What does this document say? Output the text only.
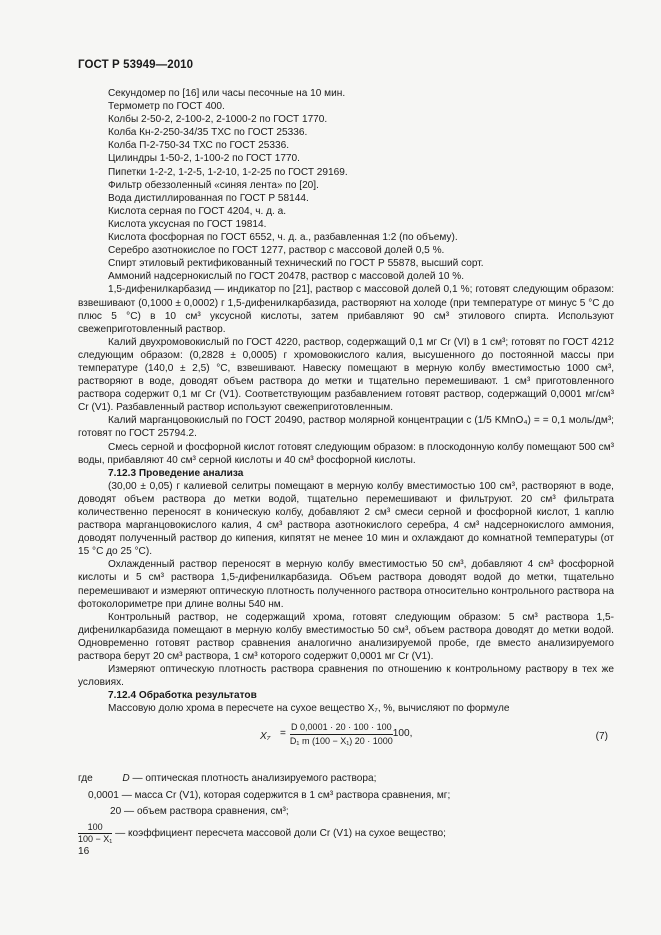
ГОСТ Р 53949—2010

Секундомер по [16] или часы песочные на 10 мин.

Термометр по ГОСТ 400.

Колбы 2-50-2, 2-100-2, 2-1000-2 по ГОСТ 1770.

Колба Кн-2-250-34/35 ТХС по ГОСТ 25336.

Колба П-2-750-34 ТХС по ГОСТ 25336.

Цилиндры 1-50-2, 1-100-2 по ГОСТ 1770.

Пипетки 1-2-2, 1-2-5, 1-2-10, 1-2-25 по ГОСТ 29169.

Фильтр обеззоленный «синяя лента» по [20].

Вода дистиллированная по ГОСТ Р 58144.

Кислота серная по ГОСТ 4204, ч. д. а.

Кислота уксусная по ГОСТ 19814.

Кислота фосфорная по ГОСТ 6552, ч. д. а., разбавленная 1:2 (по объему).

Серебро азотнокислое по ГОСТ 1277, раствор с массовой долей 0,5 %.

Спирт этиловый ректификованный технический по ГОСТ Р 55878, высший сорт.

Аммоний надсернокислый по ГОСТ 20478, раствор с массовой долей 10 %.

1,5-дифенилкарбазид — индикатор по [21], раствор с массовой долей 0,1 %; готовят следующим образом: взвешивают (0,1000 ± 0,0002) г 1,5-дифенилкарбазида, растворяют на холоде (при температуре от минус 5 °С до плюс 5 °С) в 10 см³ уксусной кислоты, затем прибавляют 90 см³ этилового спирта. Используют свежеприготовленный раствор.

Калий двухромовокислый по ГОСТ 4220, раствор, содержащий 0,1 мг Cr (VI) в 1 см³; готовят по ГОСТ 4212 следующим образом: (0,2828 ± 0,0005) г хромовокислого калия, высушенного до постоянной массы при температуре (140,0 ± 2,5) °С, взвешивают. Навеску помещают в мерную колбу вместимостью 1000 см³, растворяют в воде, доводят объем раствора до метки и тщательно перемешивают. 1 см³ приготовленного раствора содержит 0,1 мг Cr (V1). Соответствующим разбавлением готовят раствор, содержащий 0,0001 мг/см³ Cr (V1). Разбавленный раствор используют свежеприготовленным.

Калий марганцовокислый по ГОСТ 20490, раствор молярной концентрации c (1/5 KMnO₄) = = 0,1 моль/дм³; готовят по ГОСТ 25794.2.

Смесь серной и фосфорной кислот готовят следующим образом: в плоскодонную колбу помещают 500 см³ воды, прибавляют 40 см³ серной кислоты и 40 см³ фосфорной кислоты.

7.12.3 Проведение анализа

(30,00 ± 0,05) г калиевой селитры помещают в мерную колбу вместимостью 100 см³, растворяют в воде, доводят объем раствора до метки водой, тщательно перемешивают и фильтруют. 20 см³ фильтрата количественно переносят в коническую колбу, добавляют 2 см³ смеси серной и фосфорной кислот, 1 каплю раствора марганцовокислого калия, 4 см³ раствора азотнокислого серебра, 4 см³ надсернокислого аммония, доводят полученный раствор до кипения, кипятят не менее 10 мин и охлаждают до комнатной температуры (от 15 °С до 25 °С).

Охлажденный раствор переносят в мерную колбу вместимостью 50 см³, добавляют 4 см³ фосфорной кислоты и 5 см³ раствора 1,5-дифенилкарбазида. Объем раствора доводят водой до метки, тщательно перемешивают и измеряют оптическую плотность полученного раствора относительно контрольного раствора на фотоколориметре при длине волны 540 нм.

Контрольный раствор, не содержащий хрома, готовят следующим образом: 5 см³ раствора 1,5-дифенилкарбазида помещают в мерную колбу вместимостью 50 см³, объем раствора доводят до метки водой. Одновременно готовят раствор сравнения аналогично анализируемой пробе, где вместо анализируемого раствора берут 20 см³ раствора, 1 см³ которого содержит 0,0001 мг Cr (V1).

Измеряют оптическую плотность раствора сравнения по отношению к контрольному раствору в тех же условиях.

7.12.4 Обработка результатов

Массовую долю хрома в пересчете на сухое вещество X₇, %, вычисляют по формуле

$X_7 = \frac{D 0,0001 \cdot 20 \cdot 100 \cdot 100}{\text{D₁ m (100 − X₁) 20 · 1000}} 100$,	(7)
где	D — оптическая плотность анализируемого раствора;
0,0001 — масса Cr (V1), которая содержится в 1 см³ раствора сравнения, мг;
20 — объем раствора сравнения, см³;
$\frac{100}{\text{100 − X₁}}$ — коэффициент пересчета массовой доли Cr (V1) на сухое вещество;
16
